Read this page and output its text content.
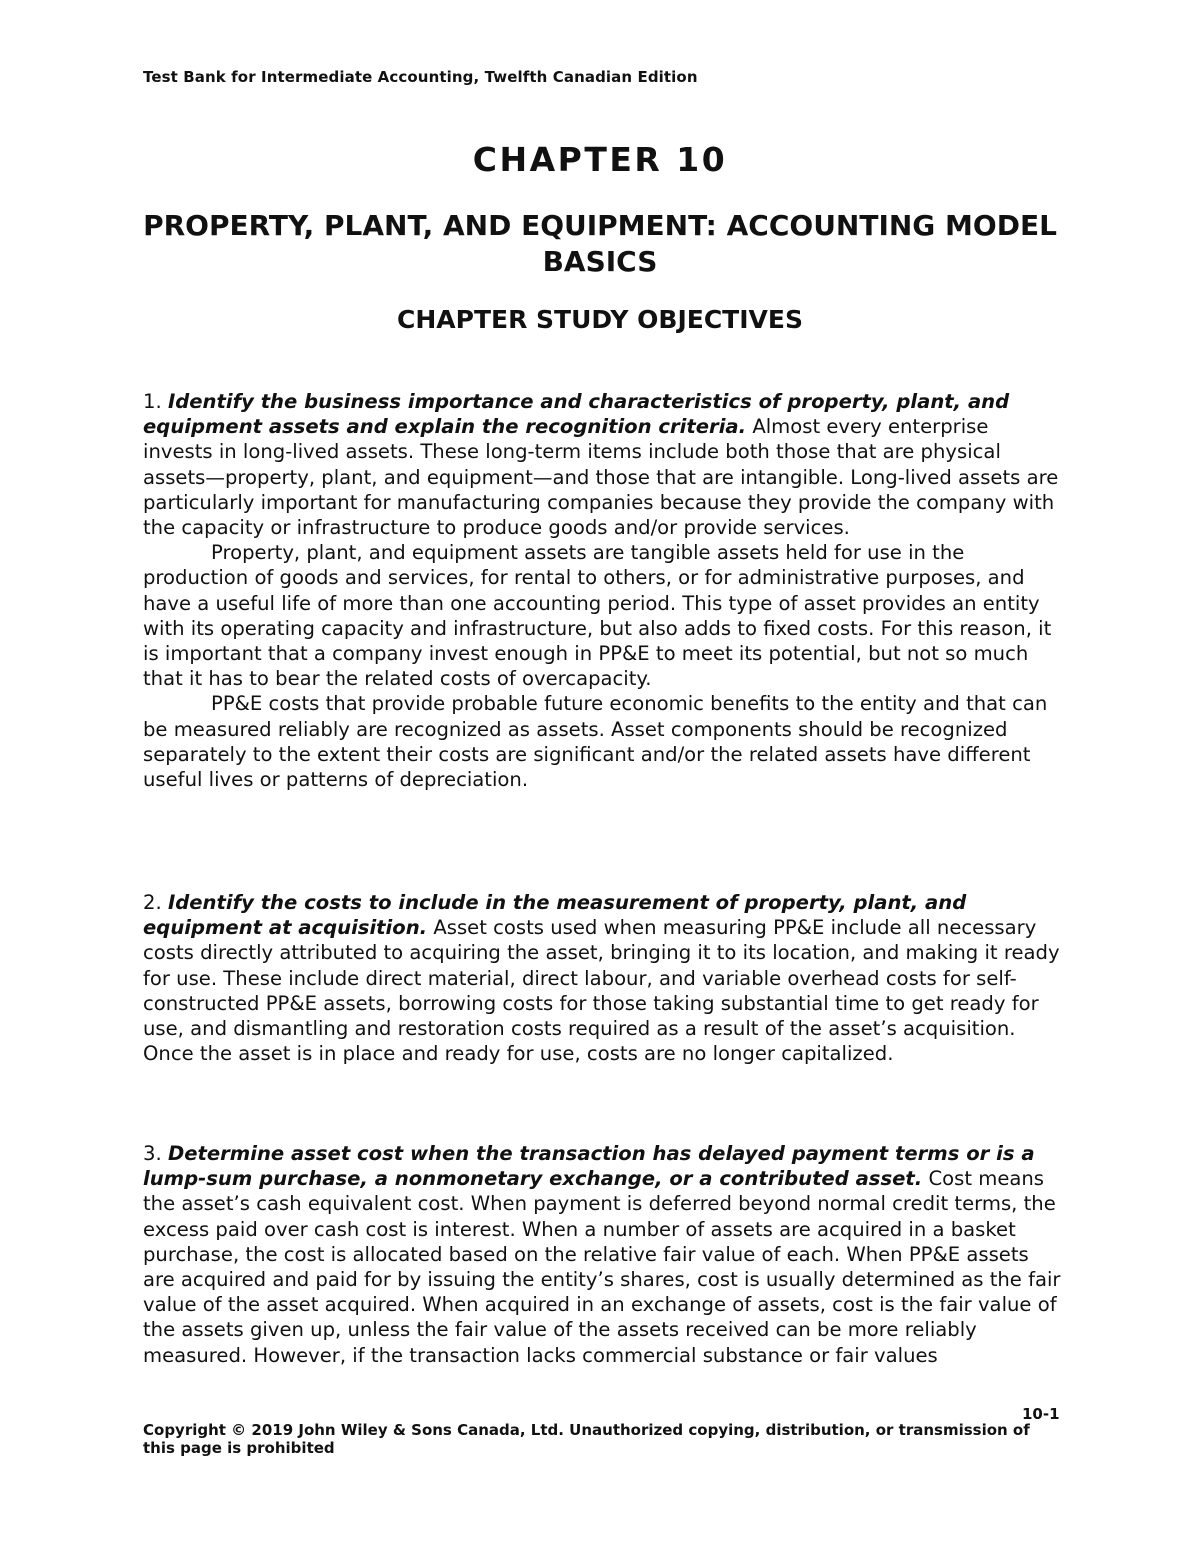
Test Bank for Intermediate Accounting, Twelfth Canadian Edition
CHAPTER 10
PROPERTY, PLANT, AND EQUIPMENT: ACCOUNTING MODEL BASICS
CHAPTER STUDY OBJECTIVES

1. Identify the business importance and characteristics of property, plant, and equipment assets and explain the recognition criteria. Almost every enterprise invests in long-lived assets. These long-term items include both those that are physical assets—property, plant, and equipment—and those that are intangible. Long-lived assets are particularly important for manufacturing companies because they provide the company with the capacity or infrastructure to produce goods and/or provide services.

Property, plant, and equipment assets are tangible assets held for use in the production of goods and services, for rental to others, or for administrative purposes, and have a useful life of more than one accounting period. This type of asset provides an entity with its operating capacity and infrastructure, but also adds to fixed costs. For this reason, it is important that a company invest enough in PP&E to meet its potential, but not so much that it has to bear the related costs of overcapacity.

PP&E costs that provide probable future economic benefits to the entity and that can be measured reliably are recognized as assets. Asset components should be recognized separately to the extent their costs are significant and/or the related assets have different useful lives or patterns of depreciation.

2. Identify the costs to include in the measurement of property, plant, and equipment at acquisition. Asset costs used when measuring PP&E include all necessary costs directly attributed to acquiring the asset, bringing it to its location, and making it ready for use. These include direct material, direct labour, and variable overhead costs for self-constructed PP&E assets, borrowing costs for those taking substantial time to get ready for use, and dismantling and restoration costs required as a result of the asset’s acquisition. Once the asset is in place and ready for use, costs are no longer capitalized.

3. Determine asset cost when the transaction has delayed payment terms or is a lump-sum purchase, a nonmonetary exchange, or a contributed asset. Cost means the asset’s cash equivalent cost. When payment is deferred beyond normal credit terms, the excess paid over cash cost is interest. When a number of assets are acquired in a basket purchase, the cost is allocated based on the relative fair value of each. When PP&E assets are acquired and paid for by issuing the entity’s shares, cost is usually determined as the fair value of the asset acquired. When acquired in an exchange of assets, cost is the fair value of the assets given up, unless the fair value of the assets received can be more reliably measured. However, if the transaction lacks commercial substance or fair values

10-1
Copyright © 2019 John Wiley & Sons Canada, Ltd. Unauthorized copying, distribution, or transmission of this page is prohibited
